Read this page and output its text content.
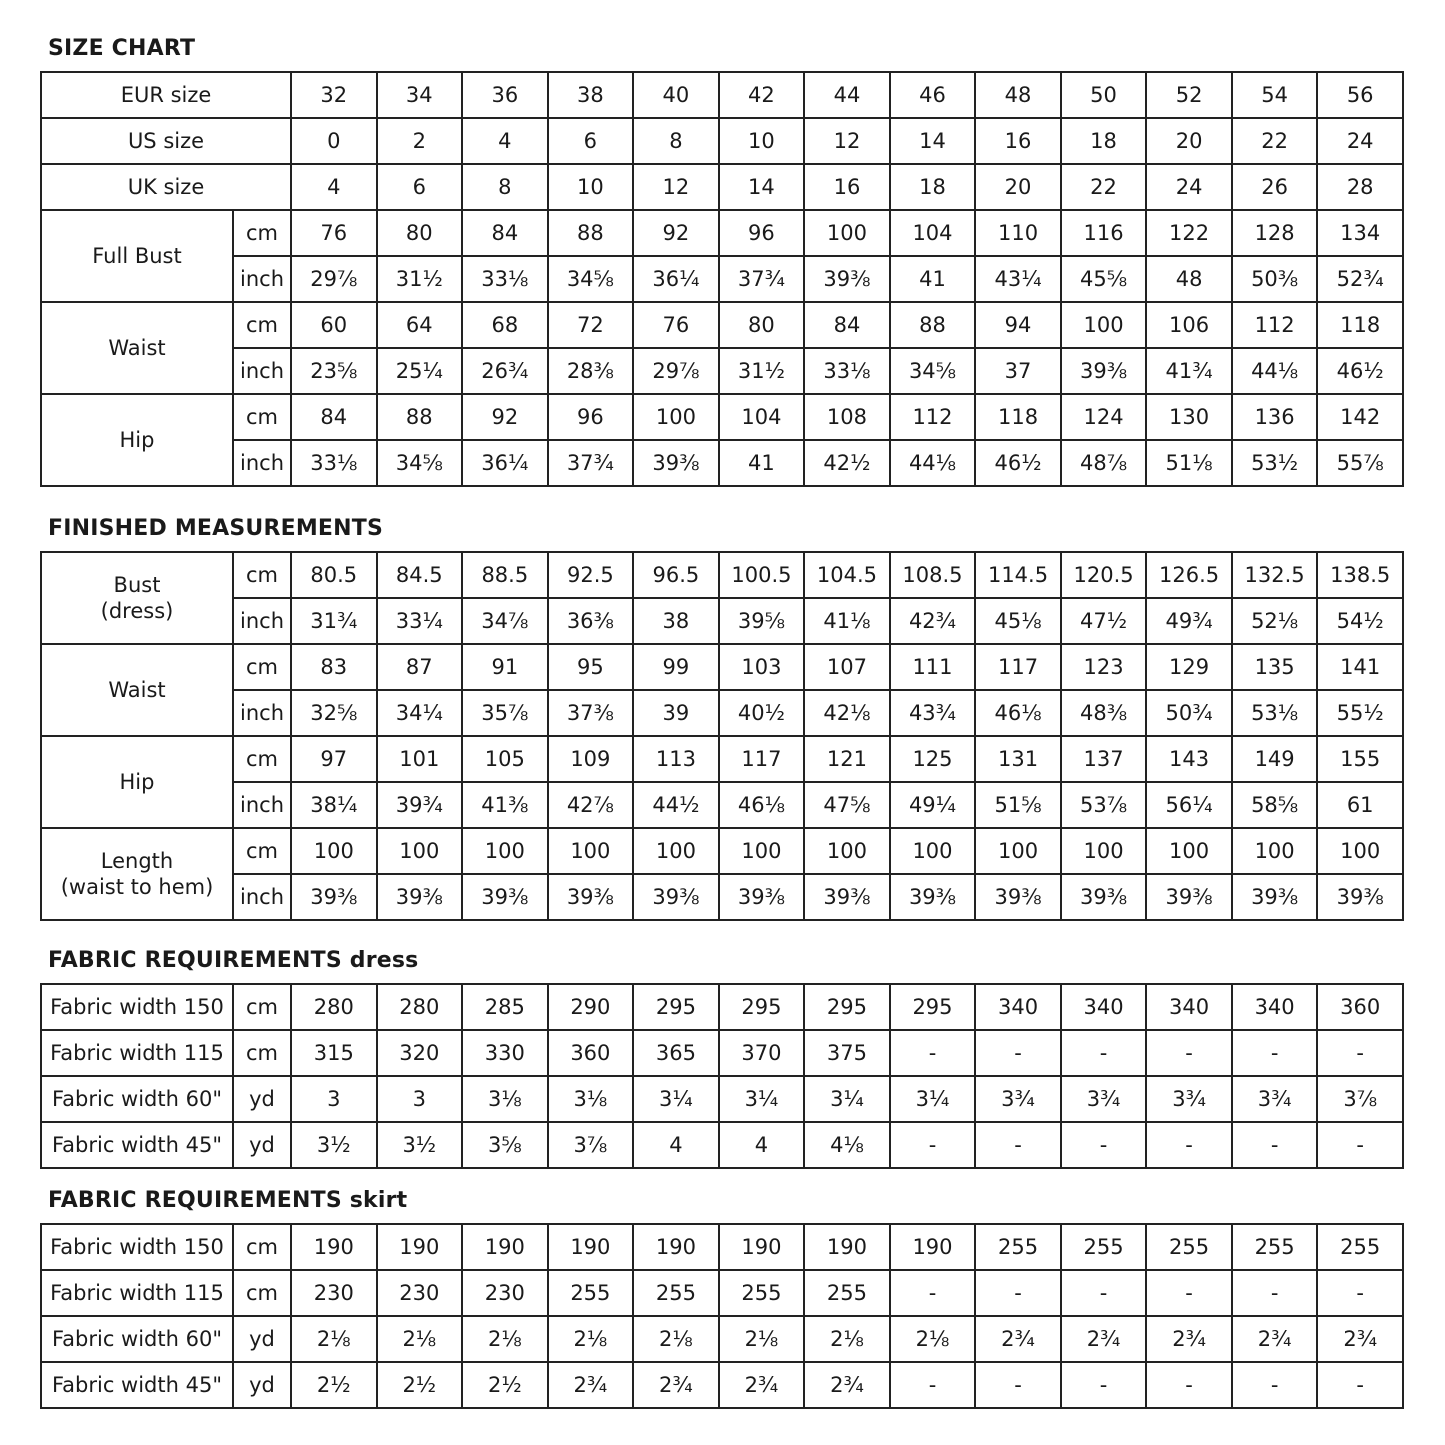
SIZE CHART
EUR size		32	34	36	38	40	42	44	46	48	50	52	54	56
US size		0	2	4	6	8	10	12	14	16	18	20	22	24
UK size		4	6	8	10	12	14	16	18	20	22	24	26	28
Full Bust	cm	76	80	84	88	92	96	100	104	110	116	122	128	134
	inch	29⅞	31½	33⅛	34⅝	36¼	37¾	39⅜	41	43¼	45⅝	48	50⅜	52¾
Waist	cm	60	64	68	72	76	80	84	88	94	100	106	112	118
	inch	23⅝	25¼	26¾	28⅜	29⅞	31½	33⅛	34⅝	37	39⅜	41¾	44⅛	46½
Hip	cm	84	88	92	96	100	104	108	112	118	124	130	136	142
	inch	33⅛	34⅝	36¼	37¾	39⅜	41	42½	44⅛	46½	48⅞	51⅛	53½	55⅞
FINISHED MEASUREMENTS
Bust
(dress)	cm	80.5	84.5	88.5	92.5	96.5	100.5	104.5	108.5	114.5	120.5	126.5	132.5	138.5
	inch	31¾	33¼	34⅞	36⅜	38	39⅝	41⅛	42¾	45⅛	47½	49¾	52⅛	54½

Waist	cm	83	87	91	95	99	103	107	111	117	123	129	135	141
	inch	32⅝	34¼	35⅞	37⅜	39	40½	42⅛	43¾	46⅛	48⅜	50¾	53⅛	55½

Hip	cm	97	101	105	109	113	117	121	125	131	137	143	149	155
	inch	38¼	39¾	41⅜	42⅞	44½	46⅛	47⅝	49¼	51⅝	53⅞	56¼	58⅝	61

Length
(waist to hem)	cm	100	100	100	100	100	100	100	100	100	100	100	100	100
	inch	39⅜	39⅜	39⅜	39⅜	39⅜	39⅜	39⅜	39⅜	39⅜	39⅜	39⅜	39⅜	39⅜
FABRIC REQUIREMENTS dress
Fabric width 150	cm	280	280	285	290	295	295	295	295	340	340	340	340	360
Fabric width 115	cm	315	320	330	360	365	370	375	-	-	-	-	-	-
Fabric width 60"	yd	3	3	3⅛	3⅛	3¼	3¼	3¼	3¼	3¾	3¾	3¾	3¾	3⅞
Fabric width 45"	yd	3½	3½	3⅝	3⅞	4	4	4⅛	-	-	-	-	-	-
FABRIC REQUIREMENTS skirt
Fabric width 150	cm	190	190	190	190	190	190	190	190	255	255	255	255	255
Fabric width 115	cm	230	230	230	255	255	255	255	-	-	-	-	-	-
Fabric width 60"	yd	2⅛	2⅛	2⅛	2⅛	2⅛	2⅛	2⅛	2⅛	2¾	2¾	2¾	2¾	2¾
Fabric width 45"	yd	2½	2½	2½	2¾	2¾	2¾	2¾	-	-	-	-	-	-
